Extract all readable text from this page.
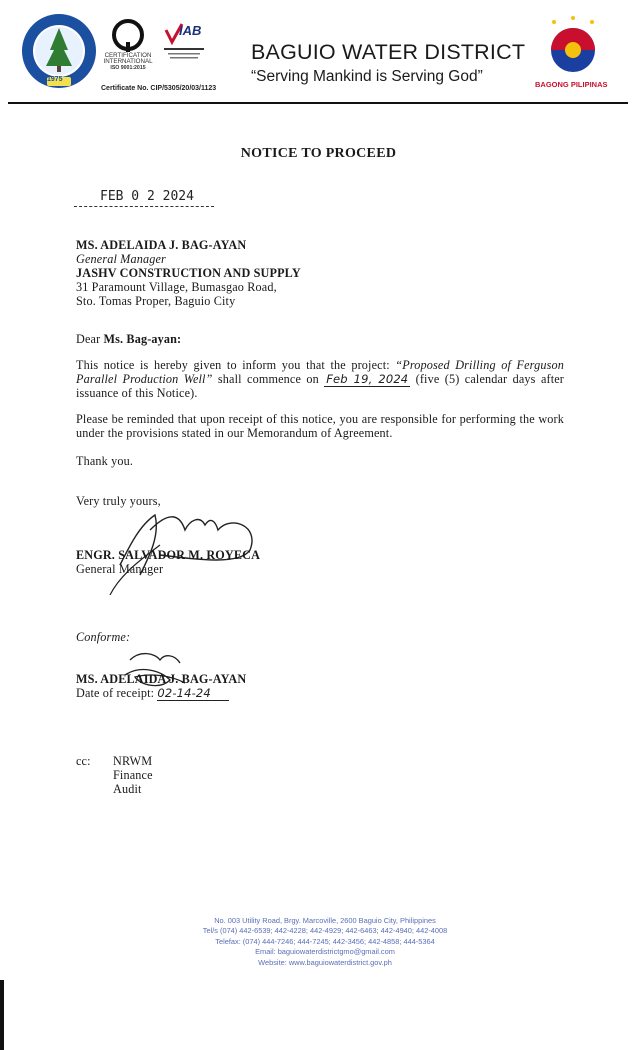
1975
CERTIFICATION
INTERNATIONAL
ISO 9001:2015
IAB
Certificate No. CIP/5305/20/03/1123
BAGUIO WATER DISTRICT
“Serving Mankind is Serving God”	BAGONG PILIPINAS
NOTICE TO PROCEED
FEB 0 2 2024
MS. ADELAIDA J. BAG-AYAN
General Manager
JASHV CONSTRUCTION AND SUPPLY
31 Paramount Village, Bumasgao Road,
Sto. Tomas Proper, Baguio City
Dear Ms. Bag-ayan:
This notice is hereby given to inform you that the project: “Proposed Drilling of Ferguson Parallel Production Well” shall commence on Feb 19, 2024 (five (5) calendar days after issuance of this Notice).
Please be reminded that upon receipt of this notice, you are responsible for performing the work under the provisions stated in our Memorandum of Agreement.
Thank you.
Very truly yours,
ENGR. SALVADOR M. ROYECA
General Manager
Conforme:
MS. ADELAIDA J. BAG-AYAN
Date of receipt: 02-14-24
cc: NRWM
Finance
Audit
No. 003 Utility Road, Brgy. Marcoville, 2600 Baguio City, Philippines
Tel/s (074) 442-6539; 442-4228; 442-4929; 442-6463; 442-4940; 442-4008
Telefax: (074) 444-7246; 444-7245; 442-3456; 442-4858; 444-5364
Email: baguiowaterdistrictgmo@gmail.com
Website: www.baguiowaterdistrict.gov.ph
